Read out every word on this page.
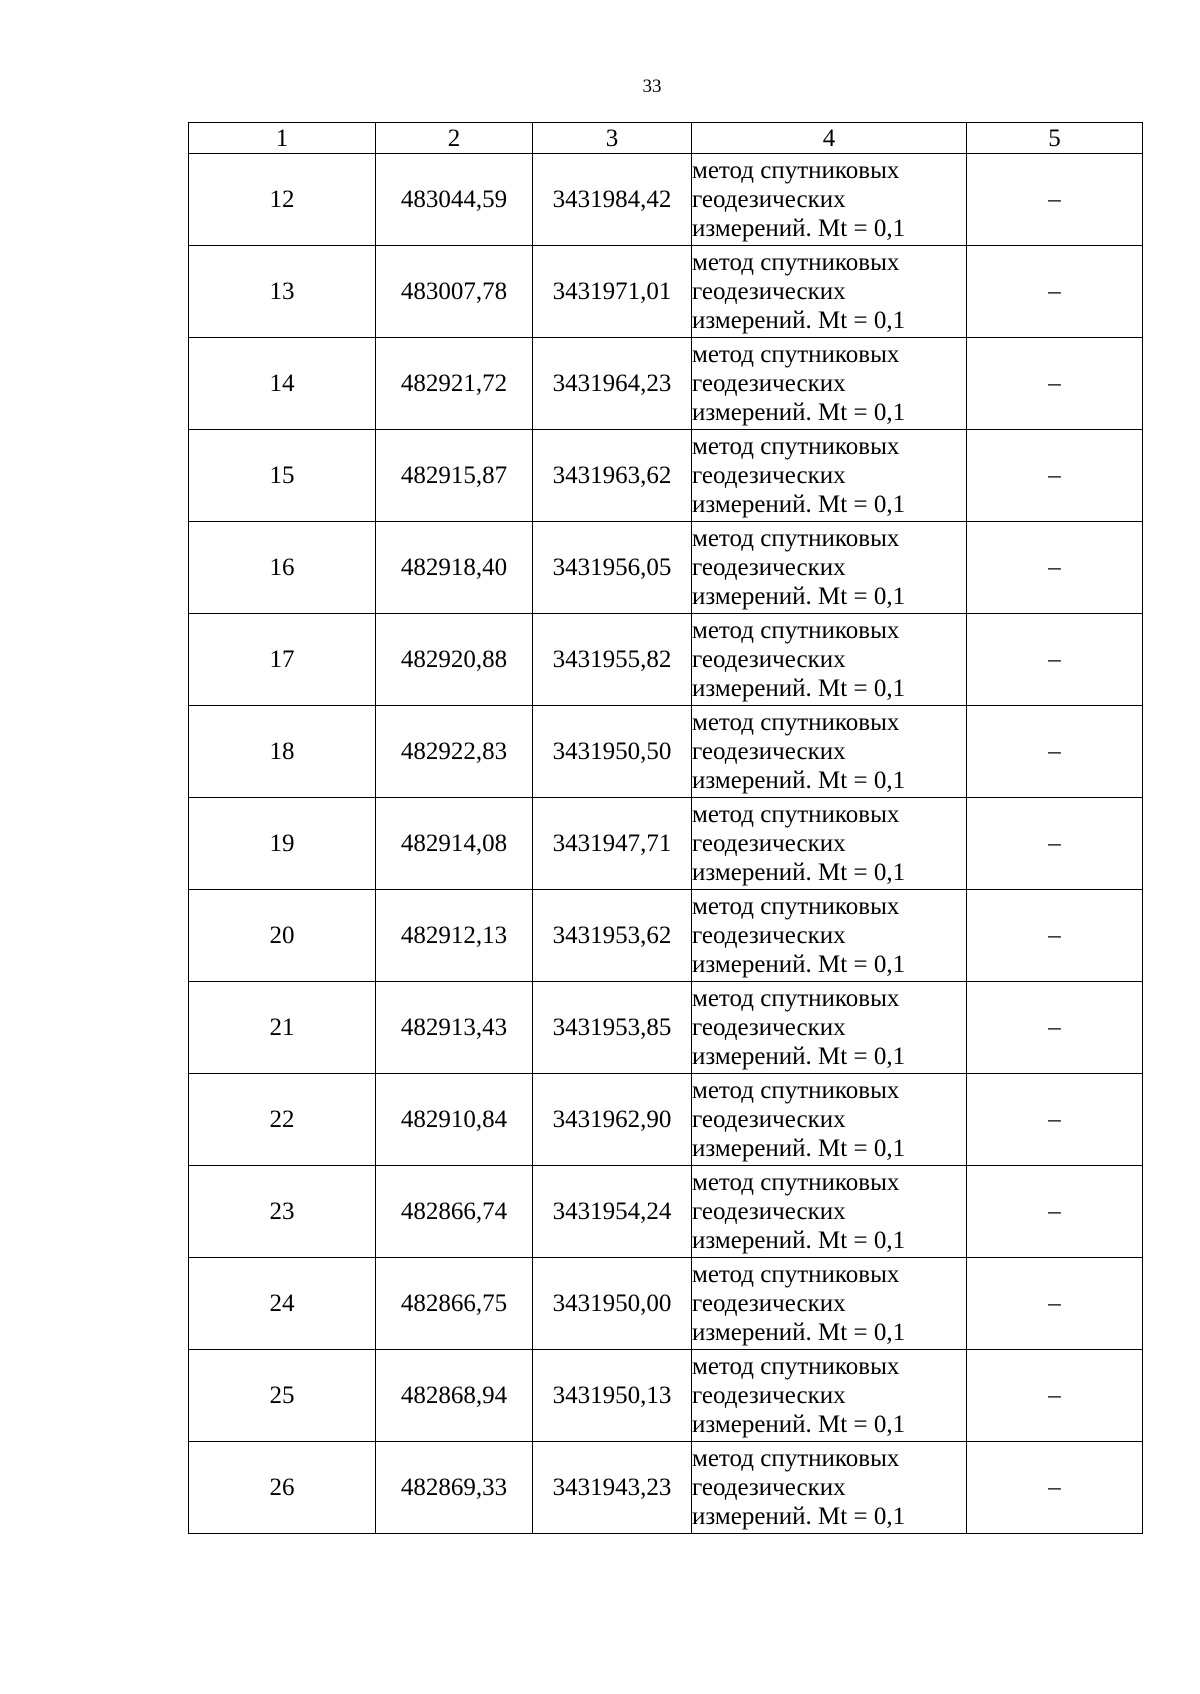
33
1	2	3	4	5
12	483044,59	3431984,42	метод спутниковых
геодезических
измерений. Mt = 0,1	–
13	483007,78	3431971,01	метод спутниковых
геодезических
измерений. Mt = 0,1	–
14	482921,72	3431964,23	метод спутниковых
геодезических
измерений. Mt = 0,1	–
15	482915,87	3431963,62	метод спутниковых
геодезических
измерений. Mt = 0,1	–
16	482918,40	3431956,05	метод спутниковых
геодезических
измерений. Mt = 0,1	–
17	482920,88	3431955,82	метод спутниковых
геодезических
измерений. Mt = 0,1	–
18	482922,83	3431950,50	метод спутниковых
геодезических
измерений. Mt = 0,1	–
19	482914,08	3431947,71	метод спутниковых
геодезических
измерений. Mt = 0,1	–
20	482912,13	3431953,62	метод спутниковых
геодезических
измерений. Mt = 0,1	–
21	482913,43	3431953,85	метод спутниковых
геодезических
измерений. Mt = 0,1	–
22	482910,84	3431962,90	метод спутниковых
геодезических
измерений. Mt = 0,1	–
23	482866,74	3431954,24	метод спутниковых
геодезических
измерений. Mt = 0,1	–
24	482866,75	3431950,00	метод спутниковых
геодезических
измерений. Mt = 0,1	–
25	482868,94	3431950,13	метод спутниковых
геодезических
измерений. Mt = 0,1	–
26	482869,33	3431943,23	метод спутниковых
геодезических
измерений. Mt = 0,1	–
